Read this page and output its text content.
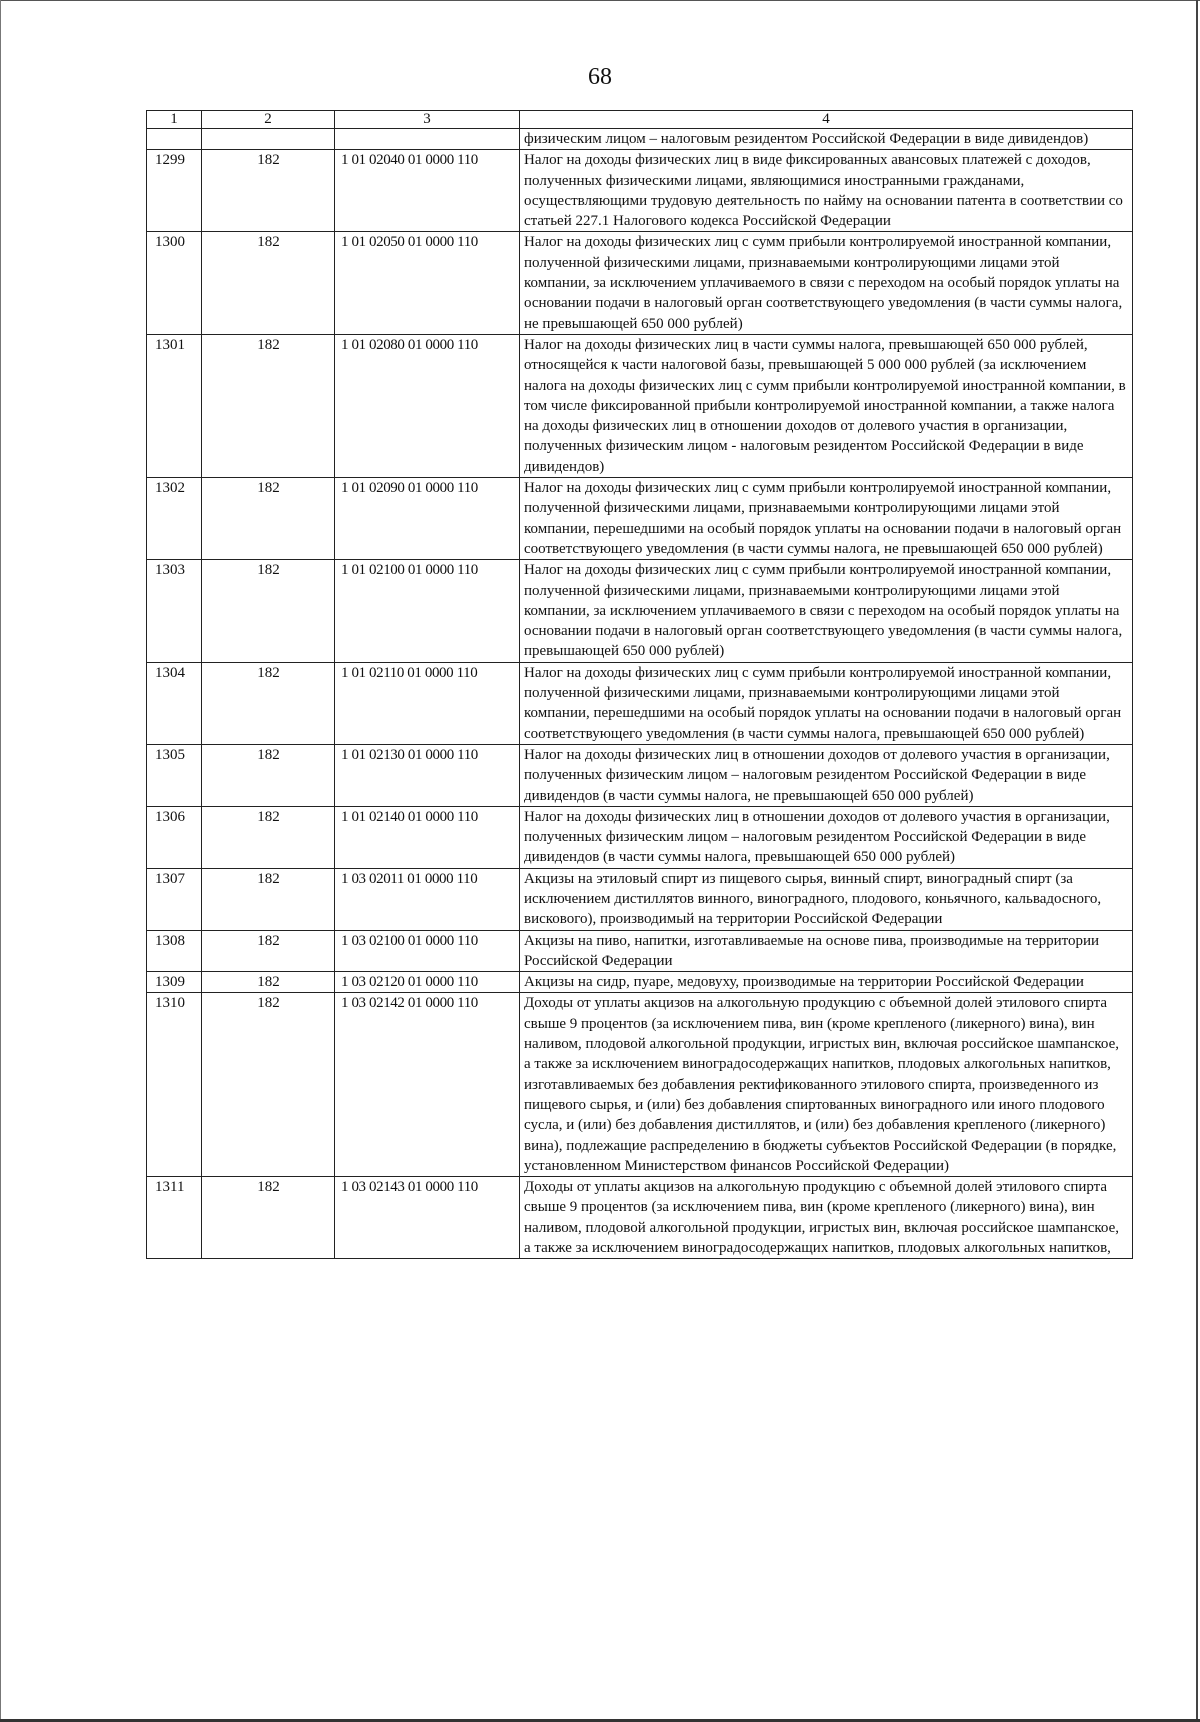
68
1	2	3	4
			физическим лицом – налоговым резидентом Российской Федерации в виде дивидендов)
1299	182	1 01 02040 01 0000 110	Налог на доходы физических лиц в виде фиксированных авансовых платежей с доходов, полученных физическими лицами, являющимися иностранными гражданами, осуществляющими трудовую деятельность по найму на основании патента в соответствии со статьей 227.1 Налогового кодекса Российской Федерации
1300	182	1 01 02050 01 0000 110	Налог на доходы физических лиц с сумм прибыли контролируемой иностранной компании, полученной физическими лицами, признаваемыми контролирующими лицами этой компании, за исключением уплачиваемого в связи с переходом на особый порядок уплаты на основании подачи в налоговый орган соответствующего уведомления (в части суммы налога, не превышающей 650 000 рублей)
1301	182	1 01 02080 01 0000 110	Налог на доходы физических лиц в части суммы налога, превышающей 650 000 рублей, относящейся к части налоговой базы, превышающей 5 000 000 рублей (за исключением налога на доходы физических лиц с сумм прибыли контролируемой иностранной компании, в том числе фиксированной прибыли контролируемой иностранной компании, а также налога на доходы физических лиц в отношении доходов от долевого участия в организации, полученных физическим лицом - налоговым резидентом Российской Федерации в виде дивидендов)
1302	182	1 01 02090 01 0000 110	Налог на доходы физических лиц с сумм прибыли контролируемой иностранной компании, полученной физическими лицами, признаваемыми контролирующими лицами этой компании, перешедшими на особый порядок уплаты на основании подачи в налоговый орган соответствующего уведомления (в части суммы налога, не превышающей 650 000 рублей)
1303	182	1 01 02100 01 0000 110	Налог на доходы физических лиц с сумм прибыли контролируемой иностранной компании, полученной физическими лицами, признаваемыми контролирующими лицами этой компании, за исключением уплачиваемого в связи с переходом на особый порядок уплаты на основании подачи в налоговый орган соответствующего уведомления (в части суммы налога, превышающей 650 000 рублей)
1304	182	1 01 02110 01 0000 110	Налог на доходы физических лиц с сумм прибыли контролируемой иностранной компании, полученной физическими лицами, признаваемыми контролирующими лицами этой компании, перешедшими на особый порядок уплаты на основании подачи в налоговый орган соответствующего уведомления (в части суммы налога, превышающей 650 000 рублей)
1305	182	1 01 02130 01 0000 110	Налог на доходы физических лиц в отношении доходов от долевого участия в организации, полученных физическим лицом – налоговым резидентом Российской Федерации в виде дивидендов (в части суммы налога, не превышающей 650 000 рублей)
1306	182	1 01 02140 01 0000 110	Налог на доходы физических лиц в отношении доходов от долевого участия в организации, полученных физическим лицом – налоговым резидентом Российской Федерации в виде дивидендов (в части суммы налога, превышающей 650 000 рублей)
1307	182	1 03 02011 01 0000 110	Акцизы на этиловый спирт из пищевого сырья, винный спирт, виноградный спирт (за исключением дистиллятов винного, виноградного, плодового, коньячного, кальвадосного, вискового), производимый на территории Российской Федерации
1308	182	1 03 02100 01 0000 110	Акцизы на пиво, напитки, изготавливаемые на основе пива, производимые на территории Российской Федерации
1309	182	1 03 02120 01 0000 110	Акцизы на сидр, пуаре, медовуху, производимые на территории Российской Федерации
1310	182	1 03 02142 01 0000 110	Доходы от уплаты акцизов на алкогольную продукцию с объемной долей этилового спирта свыше 9 процентов (за исключением пива, вин (кроме крепленого (ликерного) вина), вин наливом, плодовой алкогольной продукции, игристых вин, включая российское шампанское, а также за исключением виноградосодержащих напитков, плодовых алкогольных напитков, изготавливаемых без добавления ректификованного этилового спирта, произведенного из пищевого сырья, и (или) без добавления спиртованных виноградного или иного плодового сусла, и (или) без добавления дистиллятов, и (или) без добавления крепленого (ликерного) вина), подлежащие распределению в бюджеты субъектов Российской Федерации (в порядке, установленном Министерством финансов Российской Федерации)
1311	182	1 03 02143 01 0000 110	Доходы от уплаты акцизов на алкогольную продукцию с объемной долей этилового спирта свыше 9 процентов (за исключением пива, вин (кроме крепленого (ликерного) вина), вин наливом, плодовой алкогольной продукции, игристых вин, включая российское шампанское, а также за исключением виноградосодержащих напитков, плодовых алкогольных напитков,
